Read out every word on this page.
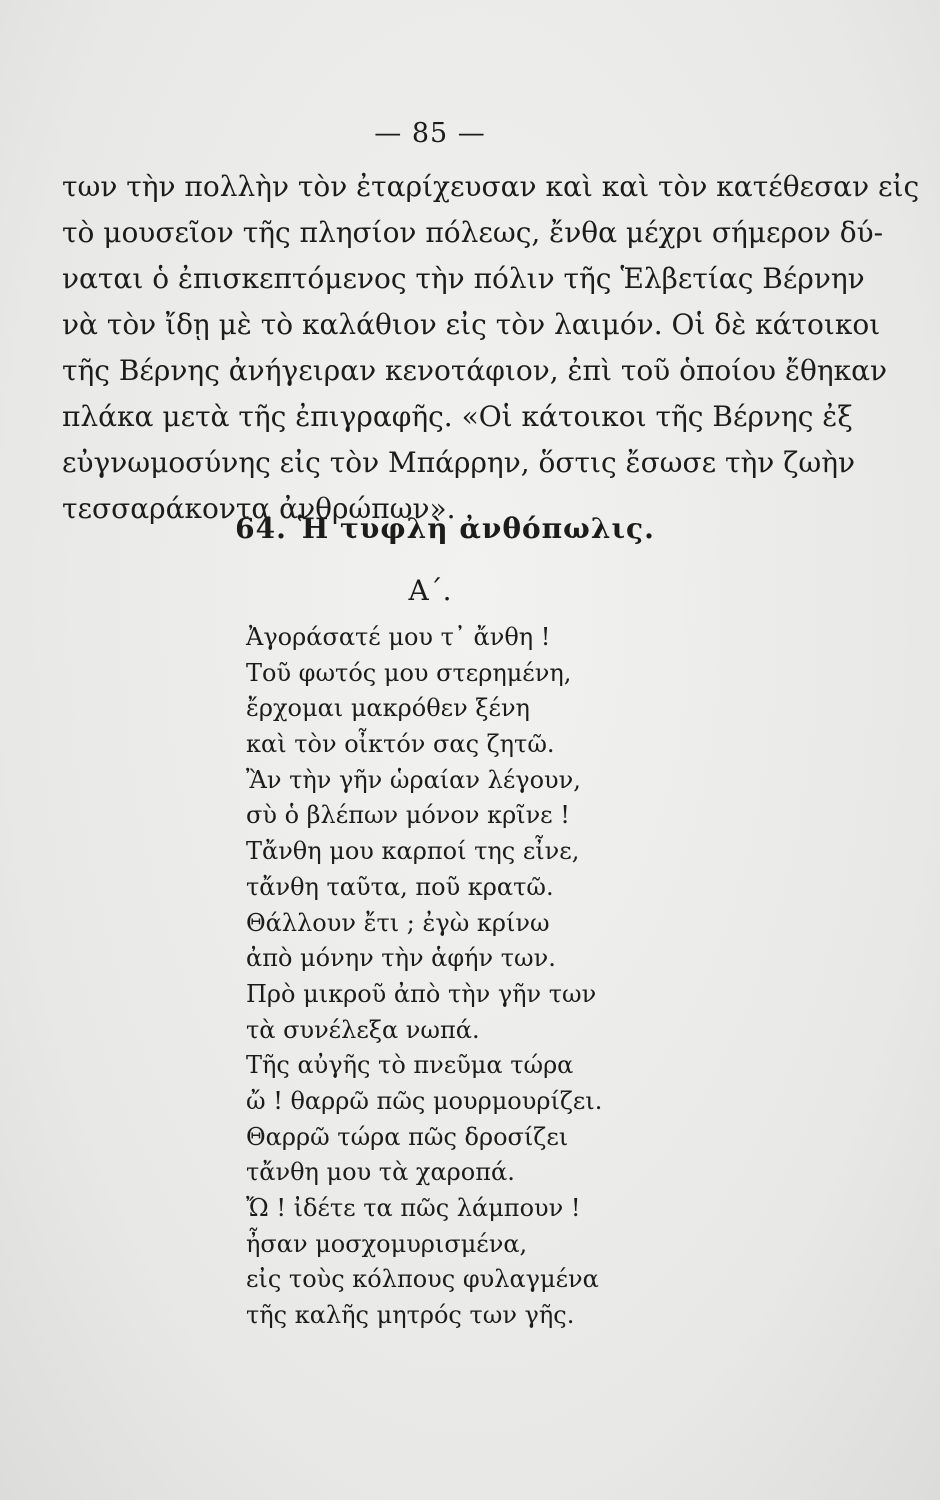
— 85 —
των τὴν πολλὴν τὸν ἐταρίχευσαν καὶ καὶ τὸν κατέθεσαν εἰς
τὸ μουσεῖον τῆς πλησίον πόλεως, ἔνθα μέχρι σήμερον δύ-
ναται ὁ ἐπισκεπτόμενος τὴν πόλιν τῆς Ἑλβετίας Βέρνην
νὰ τὸν ἴδῃ μὲ τὸ καλάθιον εἰς τὸν λαιμόν. Οἱ δὲ κάτοικοι
τῆς Βέρνης ἀνήγειραν κενοτάφιον, ἐπὶ τοῦ ὁποίου ἔθηκαν
πλάκα μετὰ τῆς ἐπιγραφῆς. «Οἱ κάτοικοι τῆς Βέρνης ἐξ
εὐγνωμοσύνης εἰς τὸν Μπάρρην, ὅστις ἔσωσε τὴν ζωὴν
τεσσαράκοντα ἀνθρώπων».
64. Ἡ τυφλὴ ἀνθόπωλις.
Α΄.
Ἀγοράσατέ μου τ᾽ ἄνθη !
Τοῦ φωτός μου στερημένη,
ἔρχομαι μακρόθεν ξένη
καὶ τὸν οἶκτόν σας ζητῶ.
Ἂν τὴν γῆν ὡραίαν λέγουν,
σὺ ὁ βλέπων μόνον κρῖνε !
Τἄνθη μου καρποί της εἶνε,
τἄνθη ταῦτα, ποῦ κρατῶ.
Θάλλουν ἔτι ; ἐγὼ κρίνω
ἀπὸ μόνην τὴν ἁφήν των.
Πρὸ μικροῦ ἀπὸ τὴν γῆν των
τὰ συνέλεξα νωπά.
Τῆς αὐγῆς τὸ πνεῦμα τώρα
ὤ ! θαρρῶ πῶς μουρμουρίζει.
Θαρρῶ τώρα πῶς δροσίζει
τἄνθη μου τὰ χαροπά.
Ὤ ! ἰδέτε τα πῶς λάμπουν !
ἦσαν μοσχομυρισμένα,
εἰς τοὺς κόλπους φυλαγμένα
τῆς καλῆς μητρός των γῆς.
